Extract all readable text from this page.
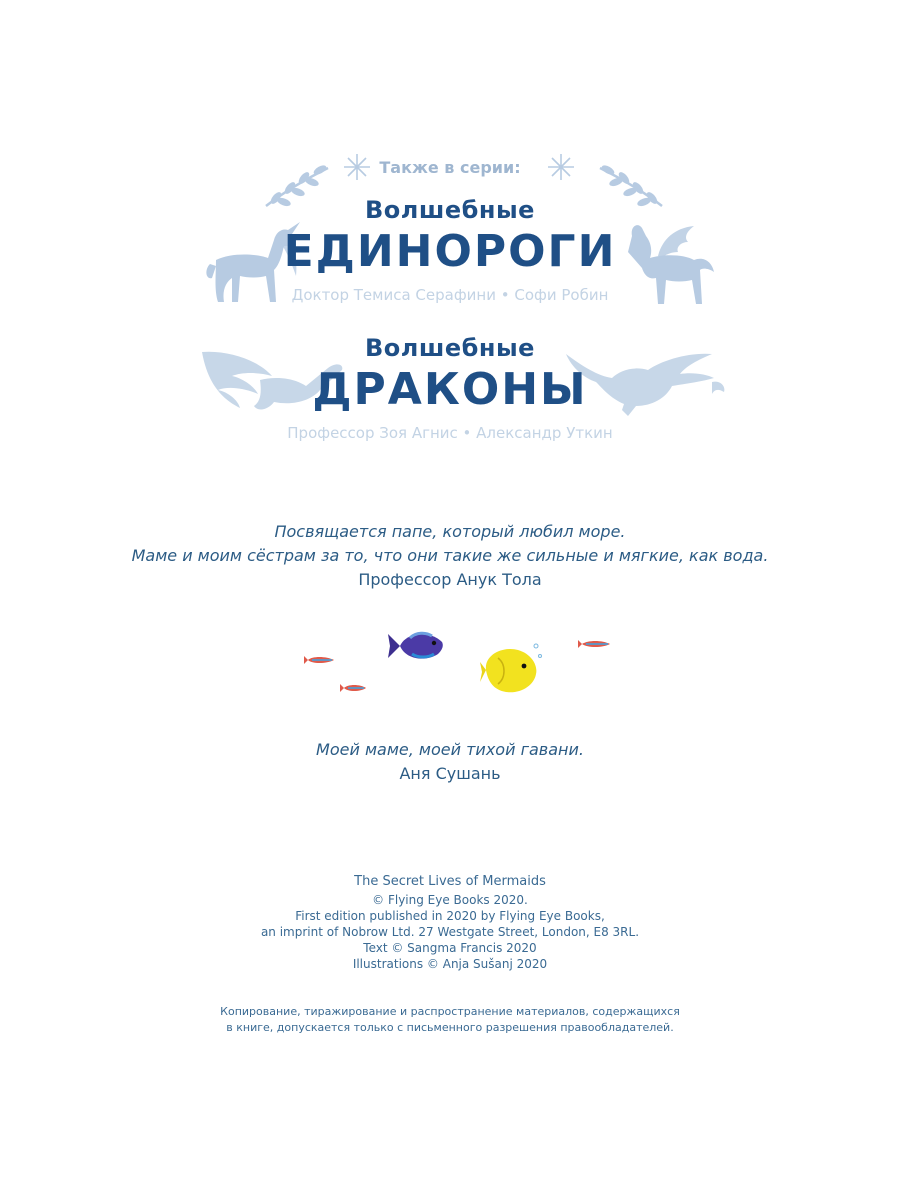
Также в серии:
Волшебные
ЕДИНОРОГИ
Доктор Темиса Серафини • Софи Робин
Волшебные
ДРАКОНЫ
Профессор Зоя Агнис • Александр Уткин
Посвящается папе, который любил море.
Маме и моим сёстрам за то, что они такие же сильные и мягкие, как вода.
Профессор Анук Тола
Моей маме, моей тихой гавани.
Аня Сушань
The Secret Lives of Mermaids
© Flying Eye Books 2020.
First edition published in 2020 by Flying Eye Books,
an imprint of Nobrow Ltd. 27 Westgate Street, London, E8 3RL.
Text © Sangma Francis 2020
Illustrations © Anja Sušanj 2020
Копирование, тиражирование и распространение материалов, содержащихся
в книге, допускается только с письменного разрешения правообладателей.
